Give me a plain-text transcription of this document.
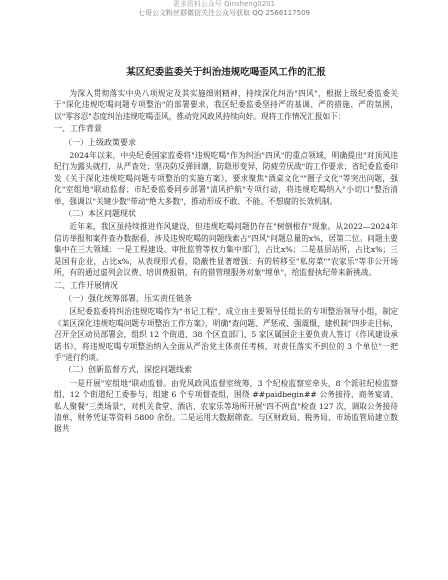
更多资料公众号 Qinsheng0201
七哥公文粉丝群微信关注公众号获取 QQ 2566117509
某区纪委监委关于纠治违规吃喝歪风工作的汇报

为深入贯彻落实中央八项规定及其实施细则精神，持续深化纠治"四风"，根据上级纪委监委关于"深化违规吃喝问题专项整治"的部署要求，我区纪委监委坚持严的基调、严的措施、严的氛围，以"零容忍"态度纠治违规吃喝歪风，推动党风政风持续向好。现将工作情况汇报如下：

一、工作背景
（一）上级政策要求

2024年以来，中央纪委国家监委将"违规吃喝"作为纠治"四风"的重点领域，明确提出"对顶风违纪行为露头就打，从严查处；坚决防反弹回潮，防隐形变异，防疲劳厌战"的工作要求；省纪委监委印发《关于深化违规吃喝问题专项整治的实施方案》，要求聚焦"酒桌文化""圈子文化"等突出问题，强化"室组地"联动监督；市纪委监委同步部署"清风护航"专项行动，将违规吃喝纳入"小切口"整治清单，强调以"关键少数"带动"绝大多数"，推动形成不敢、不能、不想腐的长效机制。

（二）本区问题现状

近年来，我区虽持续推进作风建设，但违规吃喝问题仍存在"树倒根存"现象。从2022—2024年信访举报和案件查办数据看，涉及违规吃喝的问题线索占"四风"问题总量的x%，居第二位。问题主要集中在三大领域：一是工程建设、审批监管等权力集中部门，占比x%；二是基层站所，占比x%；三是国有企业，占比x%，从表现形式看，隐蔽性显著增强：有的转移至"私房菜""农家乐"等非公开场所，有的通过虚列会议费、培训费报销，有的借管理服务对象"埋单"，给监督执纪带来新挑战。

二、工作开展情况
（一）强化统筹部署，压实责任链条

区纪委监委将纠治违规吃喝作为"书记工程"，成立由主要领导任组长的专项整治领导小组，制定《某区深化违规吃喝问题专项整治工作方案》，明确"查问题、严惩戒、强震慑、建机制"四步走目标，召开全区动员部署会，组织 12 个街道、38 个区直部门、5 家区属国企主要负责人签订《作风建设承诺书》，将违规吃喝专项整治纳入全面从严治党主体责任考核，对责任落实不到位的 3 个单位"一把手"进行约谈。

（二）创新监督方式，深挖问题线索

一是开展"室组地"联动监督。由党风政风监督室统筹，3 个纪检监察室牵头，8 个派驻纪检监察组、12 个街道纪工委参与，组建 6 个专项督查组，围绕 ##paidbegin## 公务接待、商务宴请、私人聚餐"三类场景"，对机关食堂、酒店、农家乐等场所开展"四不两直"检查 127 次，调取公务接待清单、财务凭证等资料 5800 余份。二是运用大数据筛查。与区财政局、税务局、市场监管局建立数据共
